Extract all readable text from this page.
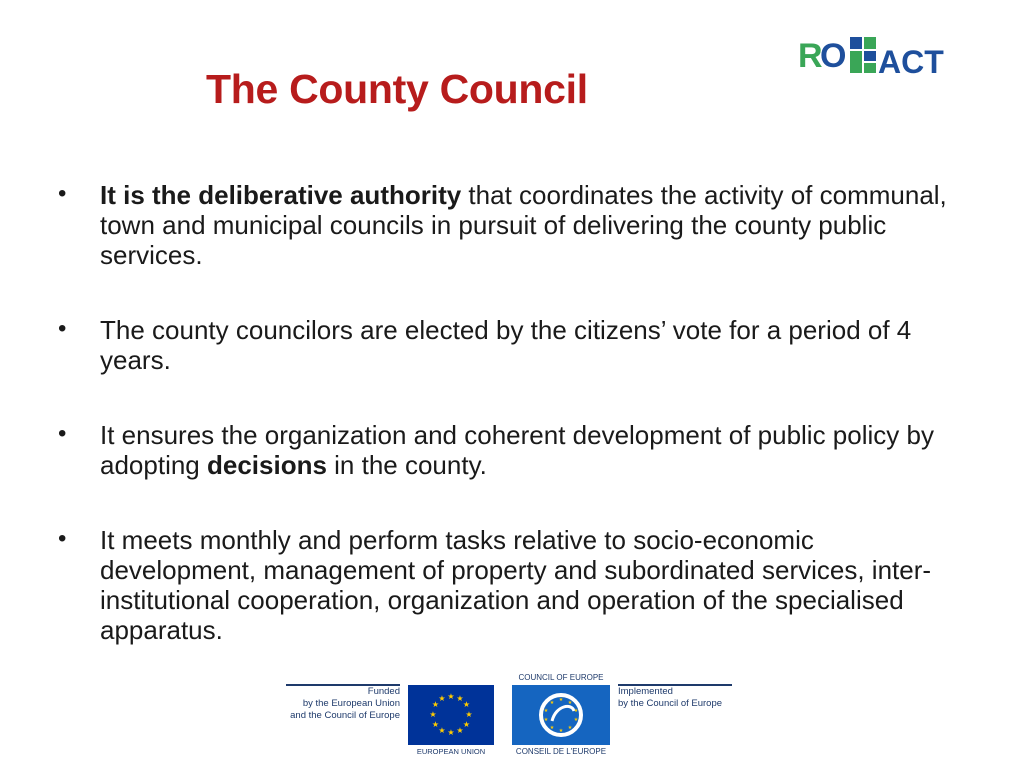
The County Council
R
O ACT
• It is the deliberative authority that coordinates the activity of communal, town and municipal councils in pursuit of delivering the county public services.
• The county councilors are elected by the citizens’ vote for a period of 4 years.
• It ensures the organization and coherent development of public policy by adopting decisions in the county.
• It meets monthly and perform tasks relative to socio-economic development, management of property and subordinated services, inter-institutional cooperation, organization and operation of the specialised apparatus.
Funded
by the European Union
and the Council of Europe
★ ★
★
★
★
★
★
★
★
★
★
★
EUROPEAN UNION
COUNCIL OF EUROPE
★ ★
★
★
★
★
★
★
★
★
CONSEIL DE L'EUROPE
Implemented
by the Council of Europe
